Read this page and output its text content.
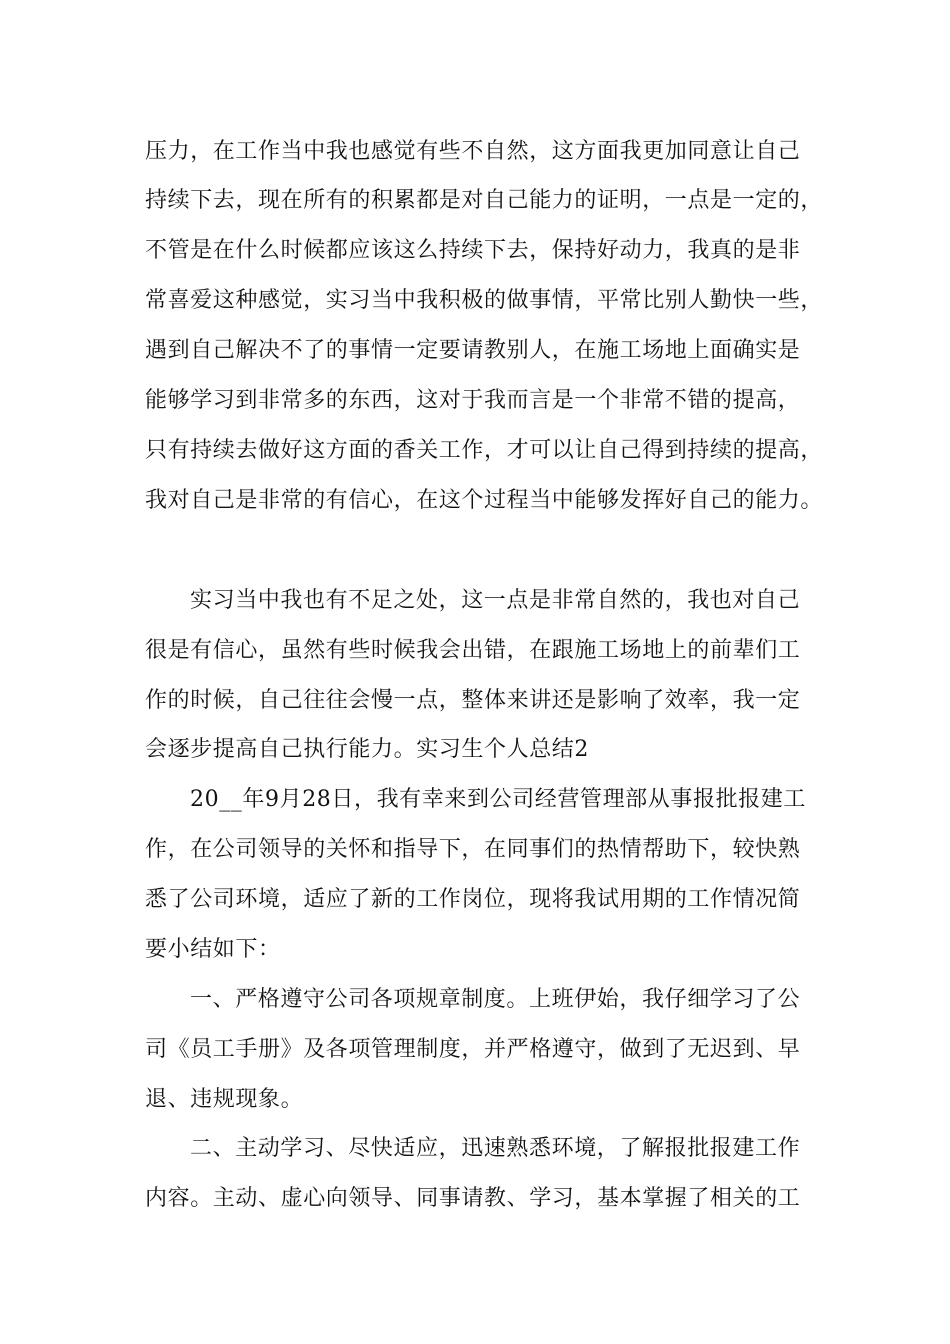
压力，在工作当中我也感觉有些不自然，这方面我更加同意让自己
持续下去，现在所有的积累都是对自己能力的证明，一点是一定的，
不管是在什么时候都应该这么持续下去，保持好动力，我真的是非
常喜爱这种感觉，实习当中我积极的做事情，平常比别人勤快一些，
遇到自己解决不了的事情一定要请教别人，在施工场地上面确实是
能够学习到非常多的东西，这对于我而言是一个非常不错的提高，
只有持续去做好这方面的香关工作，才可以让自己得到持续的提高，
我对自己是非常的有信心，在这个过程当中能够发挥好自己的能力。
实习当中我也有不足之处，这一点是非常自然的，我也对自己
很是有信心，虽然有些时候我会出错，在跟施工场地上的前辈们工
作的时候，自己往往会慢一点，整体来讲还是影响了效率，我一定
会逐步提高自己执行能力。实习生个人总结2
20__年9月28日，我有幸来到公司经营管理部从事报批报建工
作，在公司领导的关怀和指导下，在同事们的热情帮助下，较快熟
悉了公司环境，适应了新的工作岗位，现将我试用期的工作情况简
要小结如下：
一、严格遵守公司各项规章制度。上班伊始，我仔细学习了公
司《员工手册》及各项管理制度，并严格遵守，做到了无迟到、早
退、违规现象。
二、主动学习、尽快适应，迅速熟悉环境，了解报批报建工作
内容。主动、虚心向领导、同事请教、学习，基本掌握了相关的工
